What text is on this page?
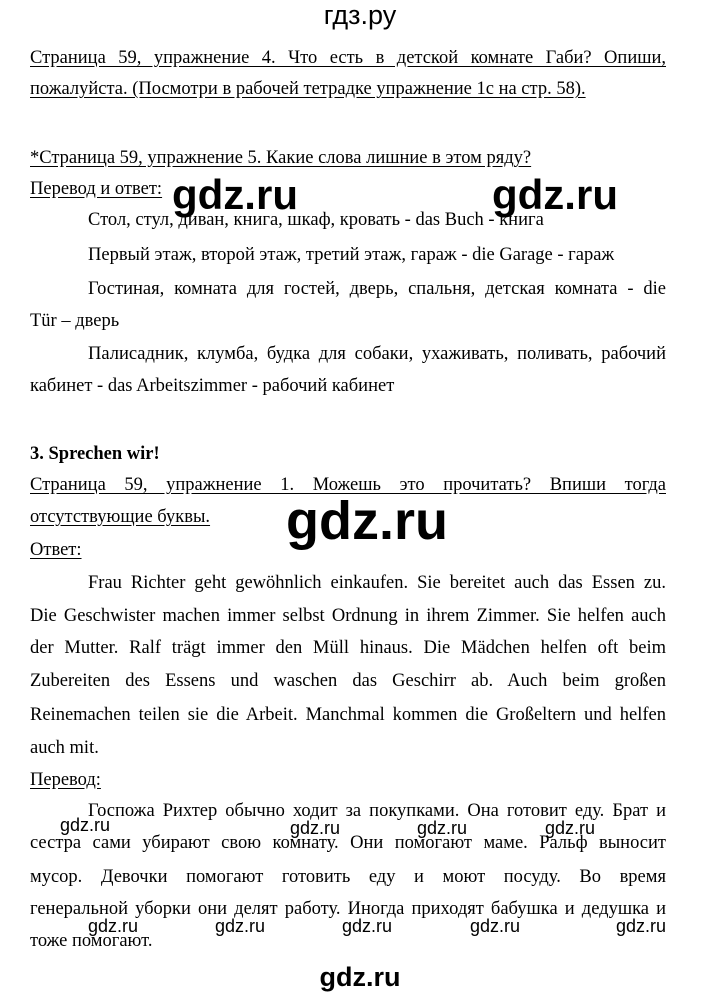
гдз.ру
Страница 59, упражнение 4. Что есть в детской комнате Габи? Опиши,
пожалуйста. (Посмотри в рабочей тетрадке упражнение 1c на стр. 58).
*Страница 59, упражнение 5. Какие слова лишние в этом ряду?
Перевод и ответ:
Стол, стул, диван, книга, шкаф, кровать - das Buch - книга
Первый этаж, второй этаж, третий этаж, гараж - die Garage - гараж
Гостиная, комната для гостей, дверь, спальня, детская комната - die
Tür – дверь
Палисадник, клумба, будка для собаки, ухаживать, поливать, рабочий
кабинет - das Arbeitszimmer - рабочий кабинет
3. Sprechen wir!
Страница 59, упражнение 1. Можешь это прочитать? Впиши тогда
отсутствующие буквы.
Ответ:
Frau Richter geht gewöhnlich einkaufen. Sie bereitet auch das Essen zu.
Die Geschwister machen immer selbst Ordnung in ihrem Zimmer. Sie helfen auch
der Mutter. Ralf trägt immer den Müll hinaus. Die Mädchen helfen oft beim
Zubereiten des Essens und waschen das Geschirr ab. Auch beim großen
Reinemachen teilen sie die Arbeit. Manchmal kommen die Großeltern und helfen
auch mit.
Перевод:
Госпожа Рихтер обычно ходит за покупками. Она готовит еду. Брат и
сестра сами убирают свою комнату. Они помогают маме. Ральф выносит
мусор. Девочки помогают готовить еду и моют посуду. Во время
генеральной уборки они делят работу. Иногда приходят бабушка и дедушка и
тоже помогают.
gdz.ru	gdz.ru
gdz.ru
gdz.ru	gdz.ru	gdz.ru	gdz.ru
gdz.ru	gdz.ru	gdz.ru	gdz.ru	gdz.ru
gdz.ru
